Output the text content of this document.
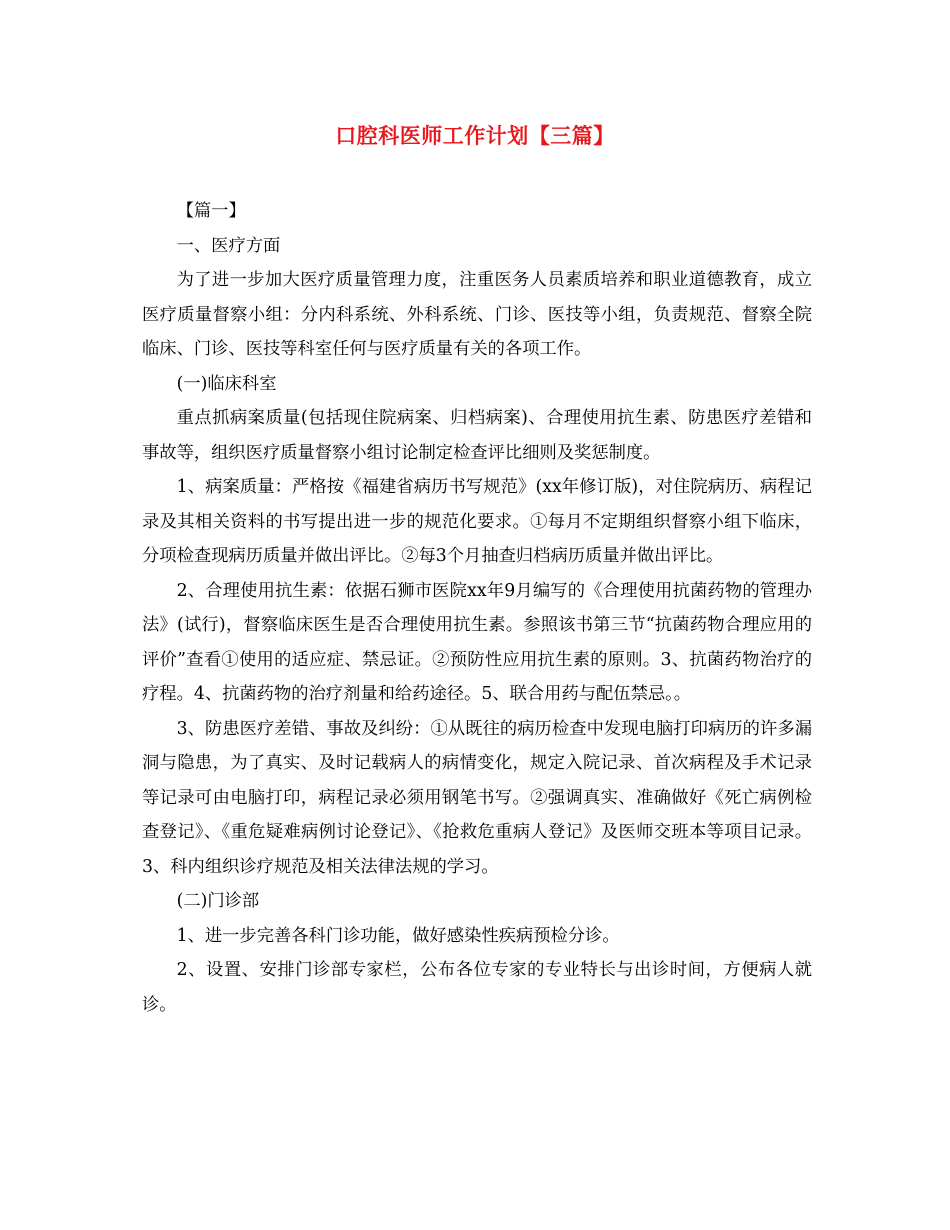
口腔科医师工作计划【三篇】

【篇一】

一、医疗方面

为了进一步加大医疗质量管理力度，注重医务人员素质培养和职业道德教育，成立医疗质量督察小组：分内科系统、外科系统、门诊、医技等小组，负责规范、督察全院临床、门诊、医技等科室任何与医疗质量有关的各项工作。

(一)临床科室

重点抓病案质量(包括现住院病案、归档病案)、合理使用抗生素、防患医疗差错和事故等，组织医疗质量督察小组讨论制定检查评比细则及奖惩制度。

1、病案质量：严格按《福建省病历书写规范》(xx年修订版)，对住院病历、病程记录及其相关资料的书写提出进一步的规范化要求。①每月不定期组织督察小组下临床，分项检查现病历质量并做出评比。②每3个月抽查归档病历质量并做出评比。

2、合理使用抗生素：依据石狮市医院xx年9月编写的《合理使用抗菌药物的管理办法》(试行)，督察临床医生是否合理使用抗生素。参照该书第三节“抗菌药物合理应用的评价”查看①使用的适应症、禁忌证。②预防性应用抗生素的原则。3、抗菌药物治疗的疗程。4、抗菌药物的治疗剂量和给药途径。5、联合用药与配伍禁忌。。

3、防患医疗差错、事故及纠纷：①从既往的病历检查中发现电脑打印病历的许多漏洞与隐患，为了真实、及时记载病人的病情变化，规定入院记录、首次病程及手术记录等记录可由电脑打印，病程记录必须用钢笔书写。②强调真实、准确做好《死亡病例检查登记》、《重危疑难病例讨论登记》、《抢救危重病人登记》及医师交班本等项目记录。3、科内组织诊疗规范及相关法律法规的学习。

(二)门诊部

1、进一步完善各科门诊功能，做好感染性疾病预检分诊。

2、设置、安排门诊部专家栏，公布各位专家的专业特长与出诊时间，方便病人就诊。
